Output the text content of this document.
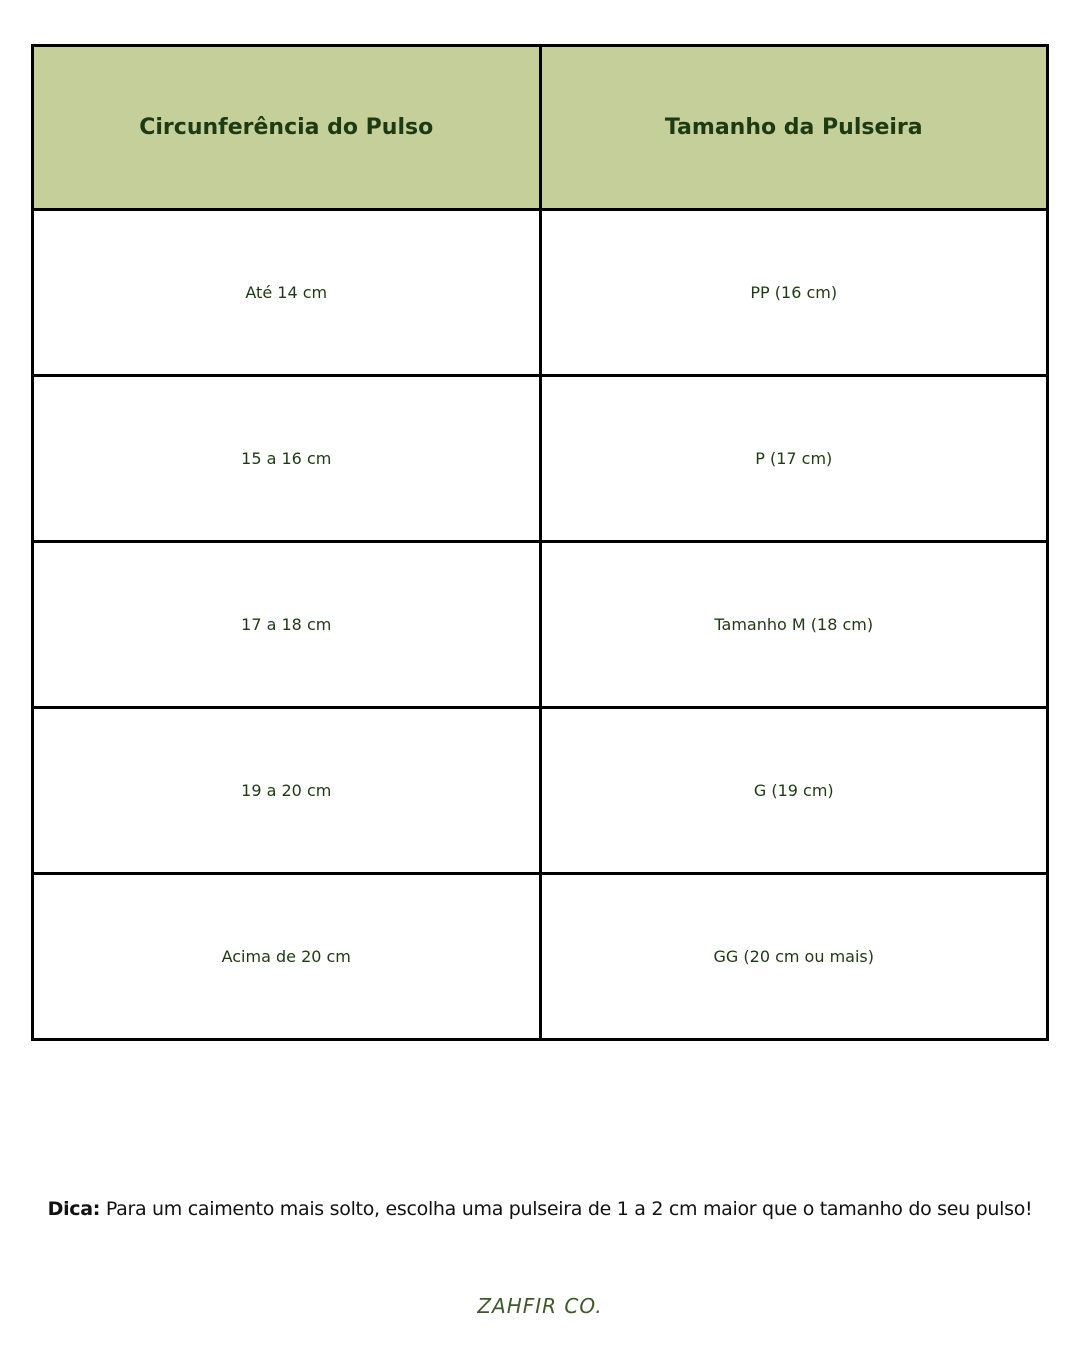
Circunferência do Pulso	Tamanho da Pulseira
Até 14 cm	PP (16 cm)
15 a 16 cm	P (17 cm)
17 a 18 cm	Tamanho M (18 cm)
19 a 20 cm	G (19 cm)
Acima de 20 cm	GG (20 cm ou mais)
Dica: Para um caimento mais solto, escolha uma pulseira de 1 a 2 cm maior que o tamanho do seu pulso!
ZAHFIR CO.
